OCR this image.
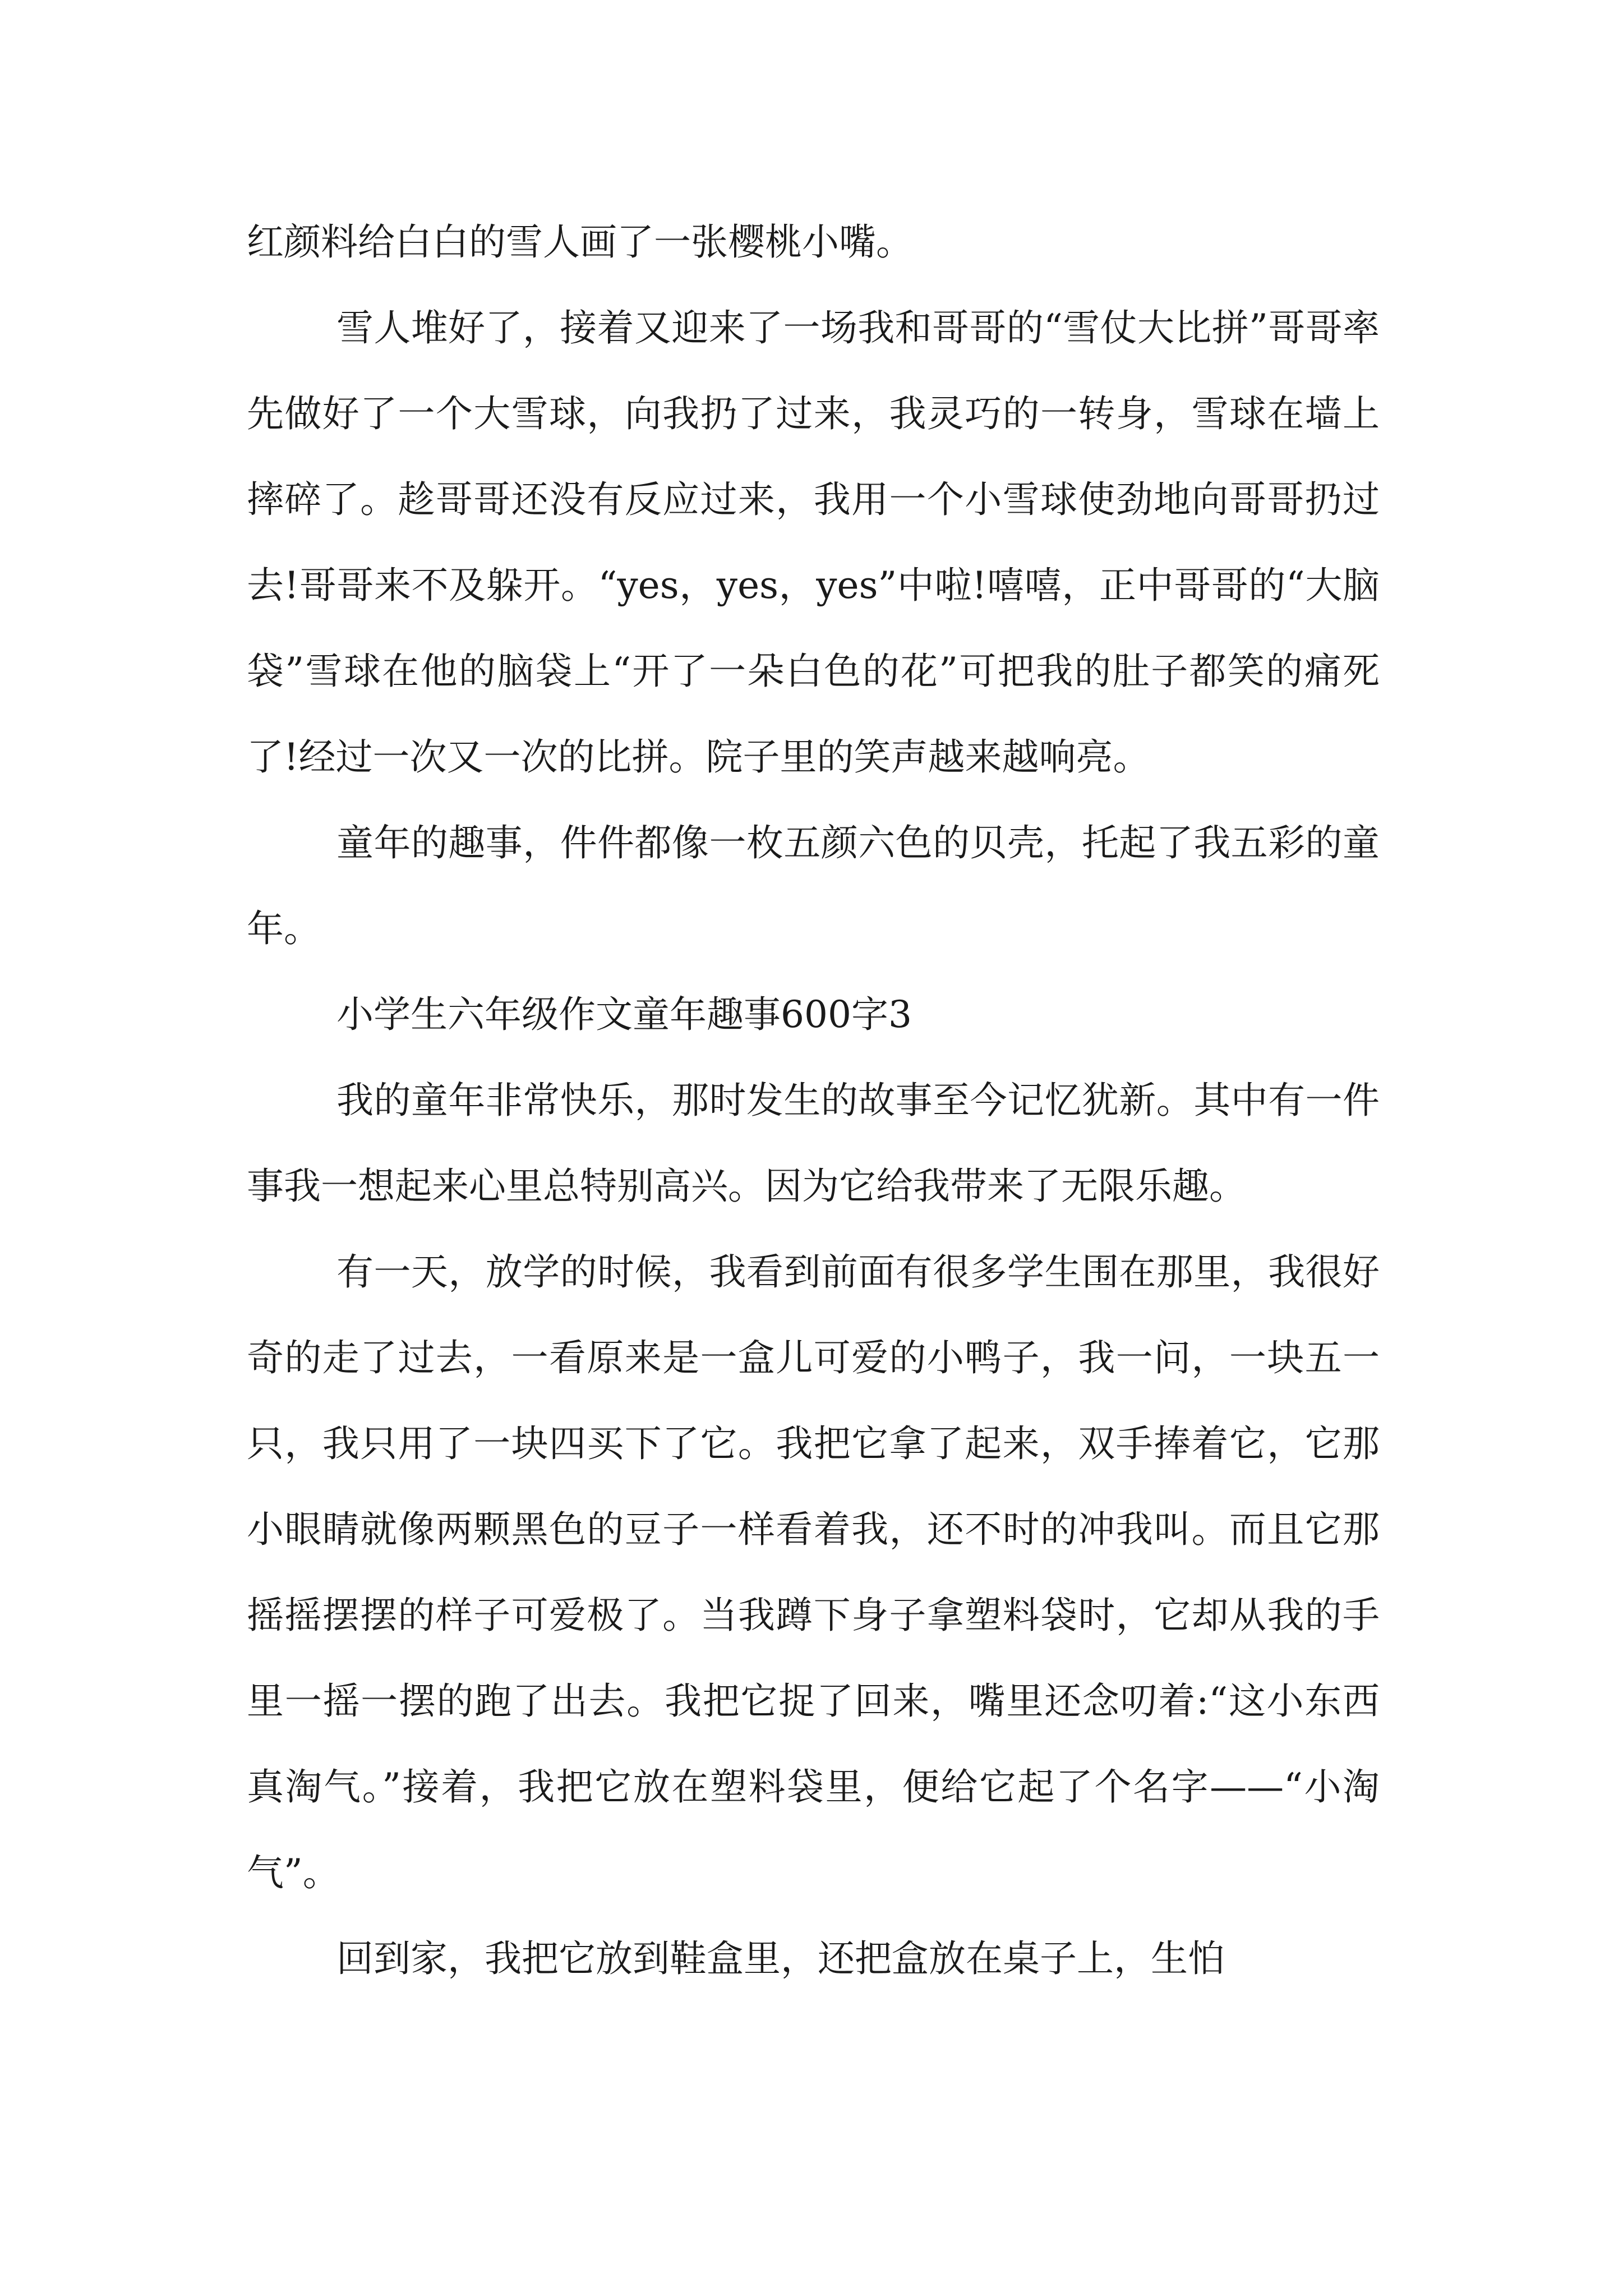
红颜料给白白的雪人画了一张樱桃小嘴。

雪人堆好了，接着又迎来了一场我和哥哥的“雪仗大比拼”哥哥率先做好了一个大雪球，向我扔了过来，我灵巧的一转身，雪球在墙上摔碎了。趁哥哥还没有反应过来，我用一个小雪球使劲地向哥哥扔过去!哥哥来不及躲开。“yes，yes，yes”中啦!嘻嘻，正中哥哥的“大脑袋”雪球在他的脑袋上“开了一朵白色的花”可把我的肚子都笑的痛死了!经过一次又一次的比拼。院子里的笑声越来越响亮。

童年的趣事，件件都像一枚五颜六色的贝壳，托起了我五彩的童年。

小学生六年级作文童年趣事600字3

我的童年非常快乐，那时发生的故事至今记忆犹新。其中有一件事我一想起来心里总特别高兴。因为它给我带来了无限乐趣。

有一天，放学的时候，我看到前面有很多学生围在那里，我很好奇的走了过去，一看原来是一盒儿可爱的小鸭子，我一问，一块五一只，我只用了一块四买下了它。我把它拿了起来，双手捧着它，它那小眼睛就像两颗黑色的豆子一样看着我，还不时的冲我叫。而且它那摇摇摆摆的样子可爱极了。当我蹲下身子拿塑料袋时，它却从我的手里一摇一摆的跑了出去。我把它捉了回来，嘴里还念叨着:“这小东西真淘气。”接着，我把它放在塑料袋里，便给它起了个名字——“小淘气”。

回到家，我把它放到鞋盒里，还把盒放在桌子上，生怕
